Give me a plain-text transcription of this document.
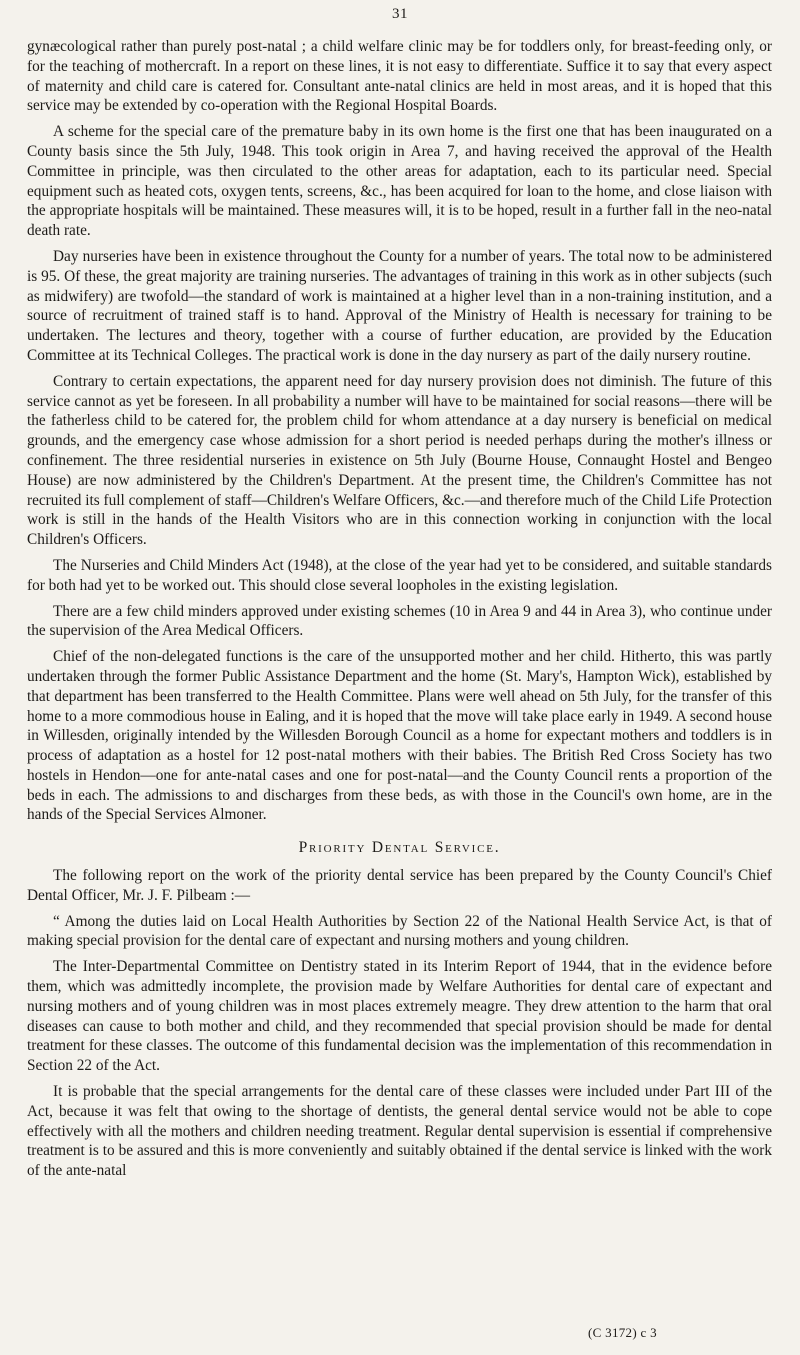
31

gynæcological rather than purely post-natal ; a child welfare clinic may be for toddlers only, for breast-feeding only, or for the teaching of mothercraft. In a report on these lines, it is not easy to differentiate. Suffice it to say that every aspect of maternity and child care is catered for. Consultant ante-natal clinics are held in most areas, and it is hoped that this service may be extended by co-operation with the Regional Hospital Boards.

A scheme for the special care of the premature baby in its own home is the first one that has been inaugurated on a County basis since the 5th July, 1948. This took origin in Area 7, and having received the approval of the Health Committee in principle, was then circulated to the other areas for adaptation, each to its particular need. Special equipment such as heated cots, oxygen tents, screens, &c., has been acquired for loan to the home, and close liaison with the appropriate hospitals will be maintained. These measures will, it is to be hoped, result in a further fall in the neo-natal death rate.

Day nurseries have been in existence throughout the County for a number of years. The total now to be administered is 95. Of these, the great majority are training nurseries. The advantages of training in this work as in other subjects (such as midwifery) are twofold—the standard of work is maintained at a higher level than in a non-training institution, and a source of recruitment of trained staff is to hand. Approval of the Ministry of Health is necessary for training to be undertaken. The lectures and theory, together with a course of further education, are provided by the Education Committee at its Technical Colleges. The practical work is done in the day nursery as part of the daily nursery routine.

Contrary to certain expectations, the apparent need for day nursery provision does not diminish. The future of this service cannot as yet be foreseen. In all probability a number will have to be maintained for social reasons—there will be the fatherless child to be catered for, the problem child for whom attendance at a day nursery is beneficial on medical grounds, and the emergency case whose admission for a short period is needed perhaps during the mother's illness or confinement. The three residential nurseries in existence on 5th July (Bourne House, Connaught Hostel and Bengeo House) are now administered by the Children's Department. At the present time, the Children's Committee has not recruited its full complement of staff—Children's Welfare Officers, &c.—and therefore much of the Child Life Protection work is still in the hands of the Health Visitors who are in this connection working in conjunction with the local Children's Officers.

The Nurseries and Child Minders Act (1948), at the close of the year had yet to be considered, and suitable standards for both had yet to be worked out. This should close several loopholes in the existing legislation.

There are a few child minders approved under existing schemes (10 in Area 9 and 44 in Area 3), who continue under the supervision of the Area Medical Officers.

Chief of the non-delegated functions is the care of the unsupported mother and her child. Hitherto, this was partly undertaken through the former Public Assistance Department and the home (St. Mary's, Hampton Wick), established by that department has been transferred to the Health Committee. Plans were well ahead on 5th July, for the transfer of this home to a more commodious house in Ealing, and it is hoped that the move will take place early in 1949. A second house in Willesden, originally intended by the Willesden Borough Council as a home for expectant mothers and toddlers is in process of adaptation as a hostel for 12 post-natal mothers with their babies. The British Red Cross Society has two hostels in Hendon—one for ante-natal cases and one for post-natal—and the County Council rents a proportion of the beds in each. The admissions to and discharges from these beds, as with those in the Council's own home, are in the hands of the Special Services Almoner.

Priority Dental Service.

The following report on the work of the priority dental service has been prepared by the County Council's Chief Dental Officer, Mr. J. F. Pilbeam :—

“ Among the duties laid on Local Health Authorities by Section 22 of the National Health Service Act, is that of making special provision for the dental care of expectant and nursing mothers and young children.

The Inter-Departmental Committee on Dentistry stated in its Interim Report of 1944, that in the evidence before them, which was admittedly incomplete, the provision made by Welfare Authorities for dental care of expectant and nursing mothers and of young children was in most places extremely meagre. They drew attention to the harm that oral diseases can cause to both mother and child, and they recommended that special provision should be made for dental treatment for these classes. The outcome of this fundamental decision was the implementation of this recommendation in Section 22 of the Act.

It is probable that the special arrangements for the dental care of these classes were included under Part III of the Act, because it was felt that owing to the shortage of dentists, the general dental service would not be able to cope effectively with all the mothers and children needing treatment. Regular dental supervision is essential if comprehensive treatment is to be assured and this is more conveniently and suitably obtained if the dental service is linked with the work of the ante-natal

(C 3172) c 3
